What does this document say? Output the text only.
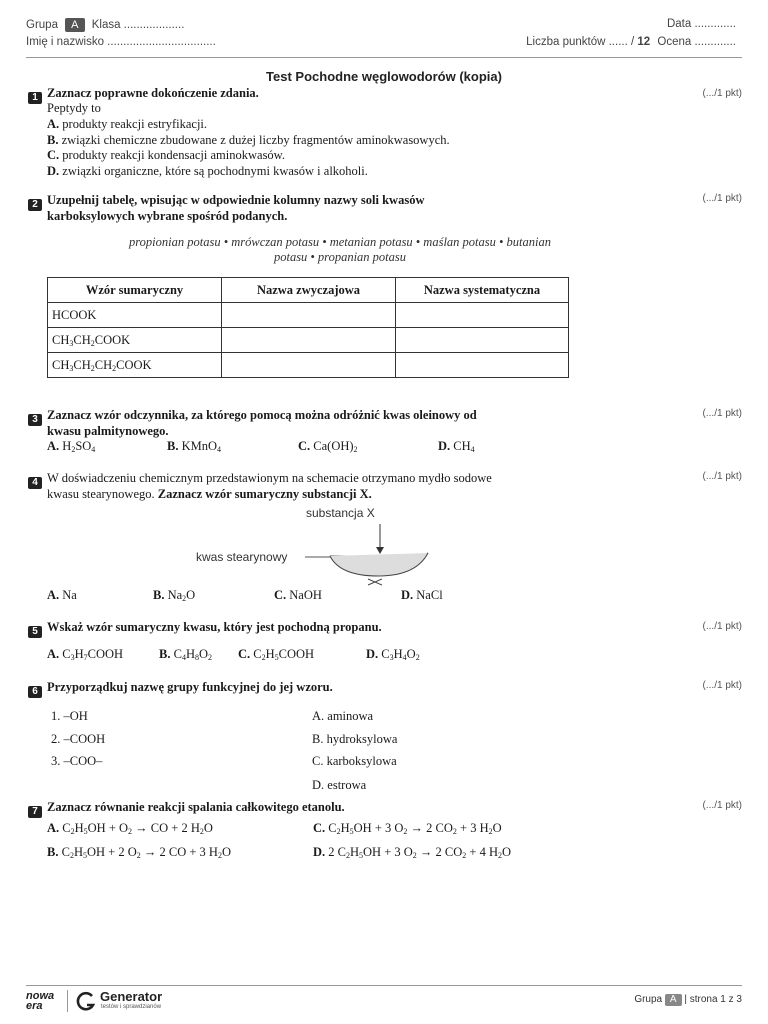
Grupa A Klasa ...................	Data .............
Imię i nazwisko ..................................	Liczba punktów ...... / 12 Ocena .............
Test Pochodne węglowodorów (kopia)
1 Zaznacz poprawne dokończenie zdania.	(.../1 pkt)
Peptydy to
A. produkty reakcji estryfikacji.
B. związki chemiczne zbudowane z dużej liczby fragmentów aminokwasowych.
C. produkty reakcji kondensacji aminokwasów.
D. związki organiczne, które są pochodnymi kwasów i alkoholi.
2 Uzupełnij tabelę, wpisując w odpowiednie kolumny nazwy soli kwasów
karboksylowych wybrane spośród podanych.
(.../1 pkt)
propionian potasu • mrówczan potasu • metanian potasu • maślan potasu • butanian
potasu • propanian potasu
Wzór sumaryczny	Nazwa zwyczajowa	Nazwa systematyczna
HCOOK		
$CH_3CH_2COOK$		
$CH_3CH_2CH_2COOK$		
3 Zaznacz wzór odczynnika, za którego pomocą można odróżnić kwas oleinowy od
kwasu palmitynowego.
(.../1 pkt)
A. $H_2SO_4$	B. KMnO$_4$	C. $Ca(OH)_2$	D. $CH_4$
4 W doświadczeniu chemicznym przedstawionym na schemacie otrzymano mydło sodowe
kwasu stearynowego. Zaznacz wzór sumaryczny substancji X.
(.../1 pkt)
substancja X
kwas stearynowy
A. Na	B. $Na_2O$	C. NaOH	D. NaCl
5 Wskaż wzór sumaryczny kwasu, który jest pochodną propanu.	(.../1 pkt)
A. $C_3H_7COOH$	B. $C_4H_8O_2$ C. $C_2H_5COOH$	D. $C_3H_4O_2$
6 Przyporządkuj nazwę grupy funkcyjnej do jej wzoru.	(.../1 pkt)
1. –OH
2. –COOH
3. –COO–
A. aminowa
B. hydroksylowa
C. karboksylowa
D. estrowa
7 Zaznacz równanie reakcji spalania całkowitego etanolu.	(.../1 pkt)
A. $C_2H_5OH + O_2$ → CO + 2 $H_2O$	C. $C_2H_5OH + 3$ $O_2 \to 2$ $CO_2 + 3$ $H_2O$
B. $C_2H_5OH + 2$ $O_2 \to 2$ CO + 3 $H_2O$	D. 2 $C_2H_5OH + 3$ $O_2 \to 2$ $CO_2 + 4$ $H_2O$
nowa era
Generator
testów i sprawdzianów
Grupa A | strona 1 z 3
